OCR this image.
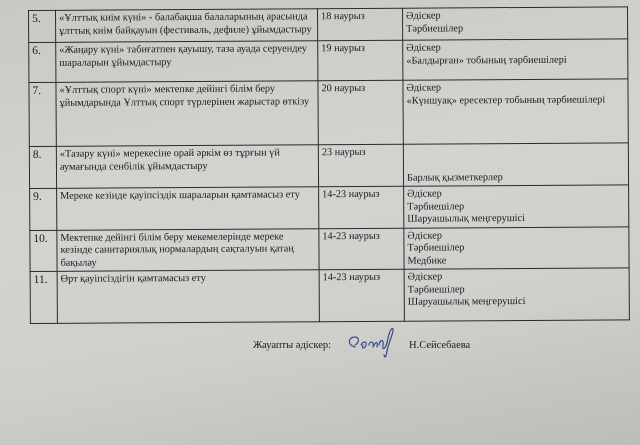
5.	«Ұлттық киім күні» - балабақша балаларының арасында ұлттық киім байқауын (фестиваль, дефиле) ұйымдастыру	18 наурыз	Әдіскер
Тәрбиешілер

6.	«Жаңару күні» табиғатпен қауышу, таза ауада серуендеу шараларын ұйымдастыру	19 наурыз	Әдіскер
«Балдырған» тобының тәрбиешілері

7.	«Ұлттық спорт күні» мектепке дейінгі білім беру ұйымдарында Ұлттық спорт түрлерінен жарыстар өткізу	20 наурыз	Әдіскер
«Күншуақ» ересектер тобының тәрбиешілері

8.	«Тазару күні» мерекесіне орай әркім өз тұрғын үй аумағында сенбілік ұйымдастыру	23 наурыз	Барлық қызметкерлер

9.	Мереке кезінде қауіпсіздік шараларын қамтамасыз ету	14-23 наурыз	Әдіскер
Тәрбиешілер
Шаруашылық меңгерушісі

10.	Мектепке дейінгі білім беру мекемелерінде мереке кезінде санитариялық нормалардың сақталуын қатаң бақылау	14-23 наурыз	Әдіскер
Тәрбиешілер
Медбике

11.	Өрт қауіпсіздігін қамтамасыз ету	14-23 наурыз	Әдіскер
Тәрбиешілер
Шаруашылық меңгерушісі
Жауапты әдіскер:	Н.Сейсебаева
